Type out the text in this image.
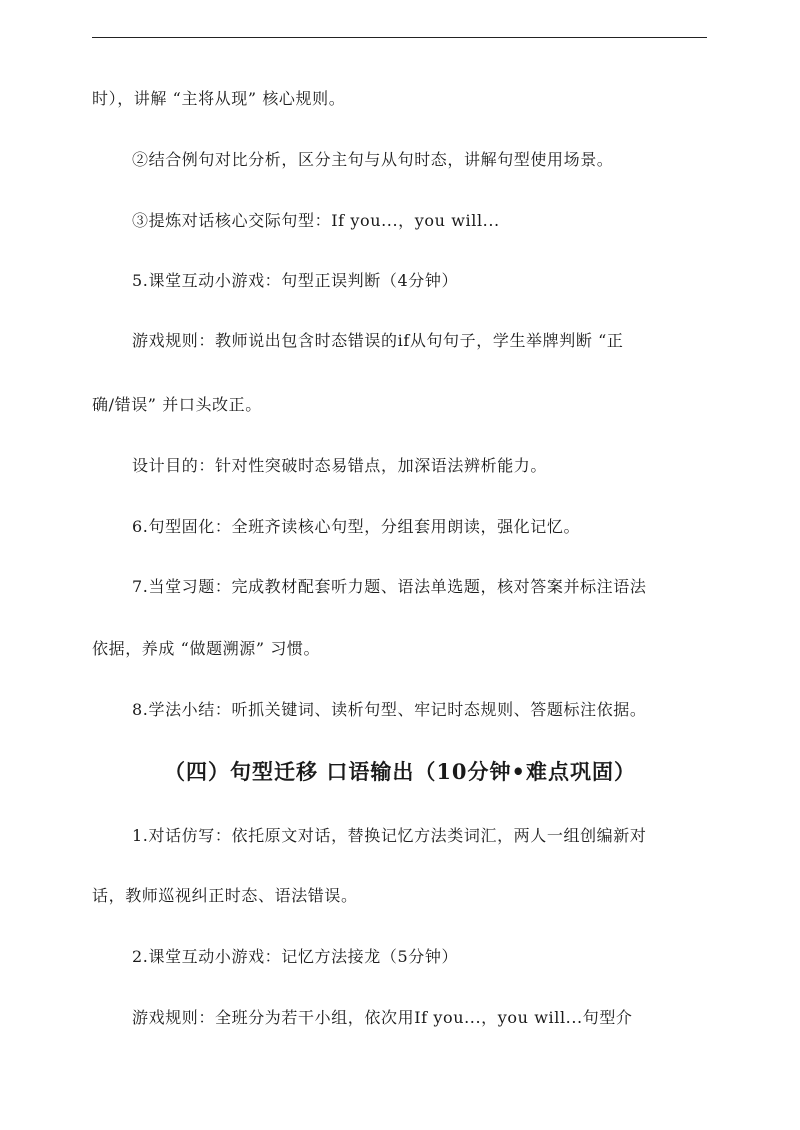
时），讲解 “主将从现” 核心规则。
②结合例句对比分析，区分主句与从句时态，讲解句型使用场景。
③提炼对话核心交际句型：If you...，you will...
5.课堂互动小游戏：句型正误判断（4分钟）
游戏规则：教师说出包含时态错误的if从句句子，学生举牌判断 “正
确/错误” 并口头改正。
设计目的：针对性突破时态易错点，加深语法辨析能力。
6.句型固化：全班齐读核心句型，分组套用朗读，强化记忆。
7.当堂习题：完成教材配套听力题、语法单选题，核对答案并标注语法
依据，养成 “做题溯源” 习惯。
8.学法小结：听抓关键词、读析句型、牢记时态规则、答题标注依据。
（四）句型迁移 口语输出（10分钟•难点巩固）
1.对话仿写：依托原文对话，替换记忆方法类词汇，两人一组创编新对
话，教师巡视纠正时态、语法错误。
2.课堂互动小游戏：记忆方法接龙（5分钟）
游戏规则：全班分为若干小组，依次用If you...，you will...句型介
